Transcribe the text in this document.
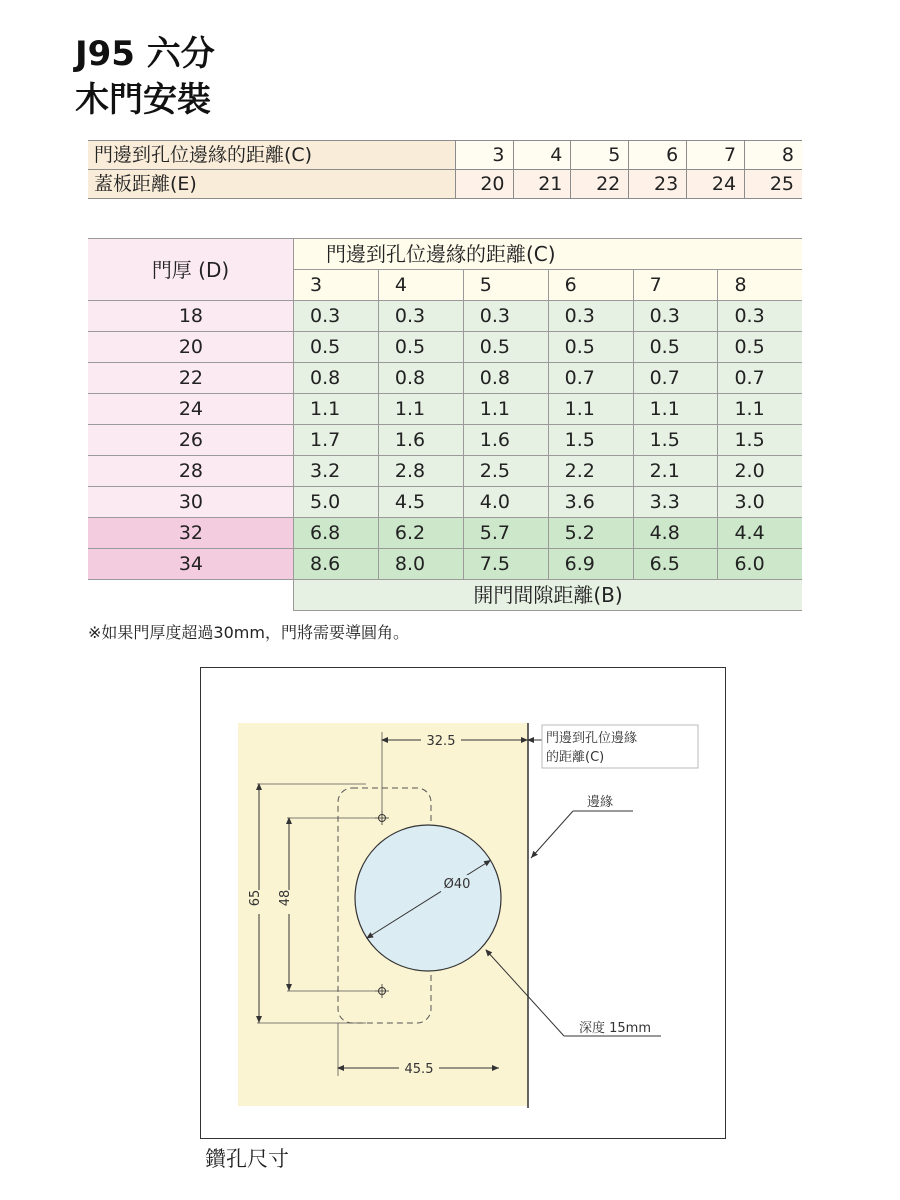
J95 六分
木門安裝
門邊到孔位邊緣的距離(C)	3	4	5	6	7	8
蓋板距離(E)	20	21	22	23	24	25
門厚 (D)	門邊到孔位邊緣的距離(C)					
	3	4	5	6	7	8
18	0.3	0.3	0.3	0.3	0.3	0.3
20	0.5	0.5	0.5	0.5	0.5	0.5
22	0.8	0.8	0.8	0.7	0.7	0.7
24	1.1	1.1	1.1	1.1	1.1	1.1
26	1.7	1.6	1.6	1.5	1.5	1.5
28	3.2	2.8	2.5	2.2	2.1	2.0
30	5.0	4.5	4.0	3.6	3.3	3.0
32	6.8	6.2	5.7	5.2	4.8	4.4
34	8.6	8.0	7.5	6.9	6.5	6.0
	開門間隙距離(B)					
※如果門厚度超過30mm，門將需要導圓角。
32.5	門邊到孔位邊緣
的距離(C)
邊緣
65 48
Ø40
深度 15mm
45.5
鑽孔尺寸
